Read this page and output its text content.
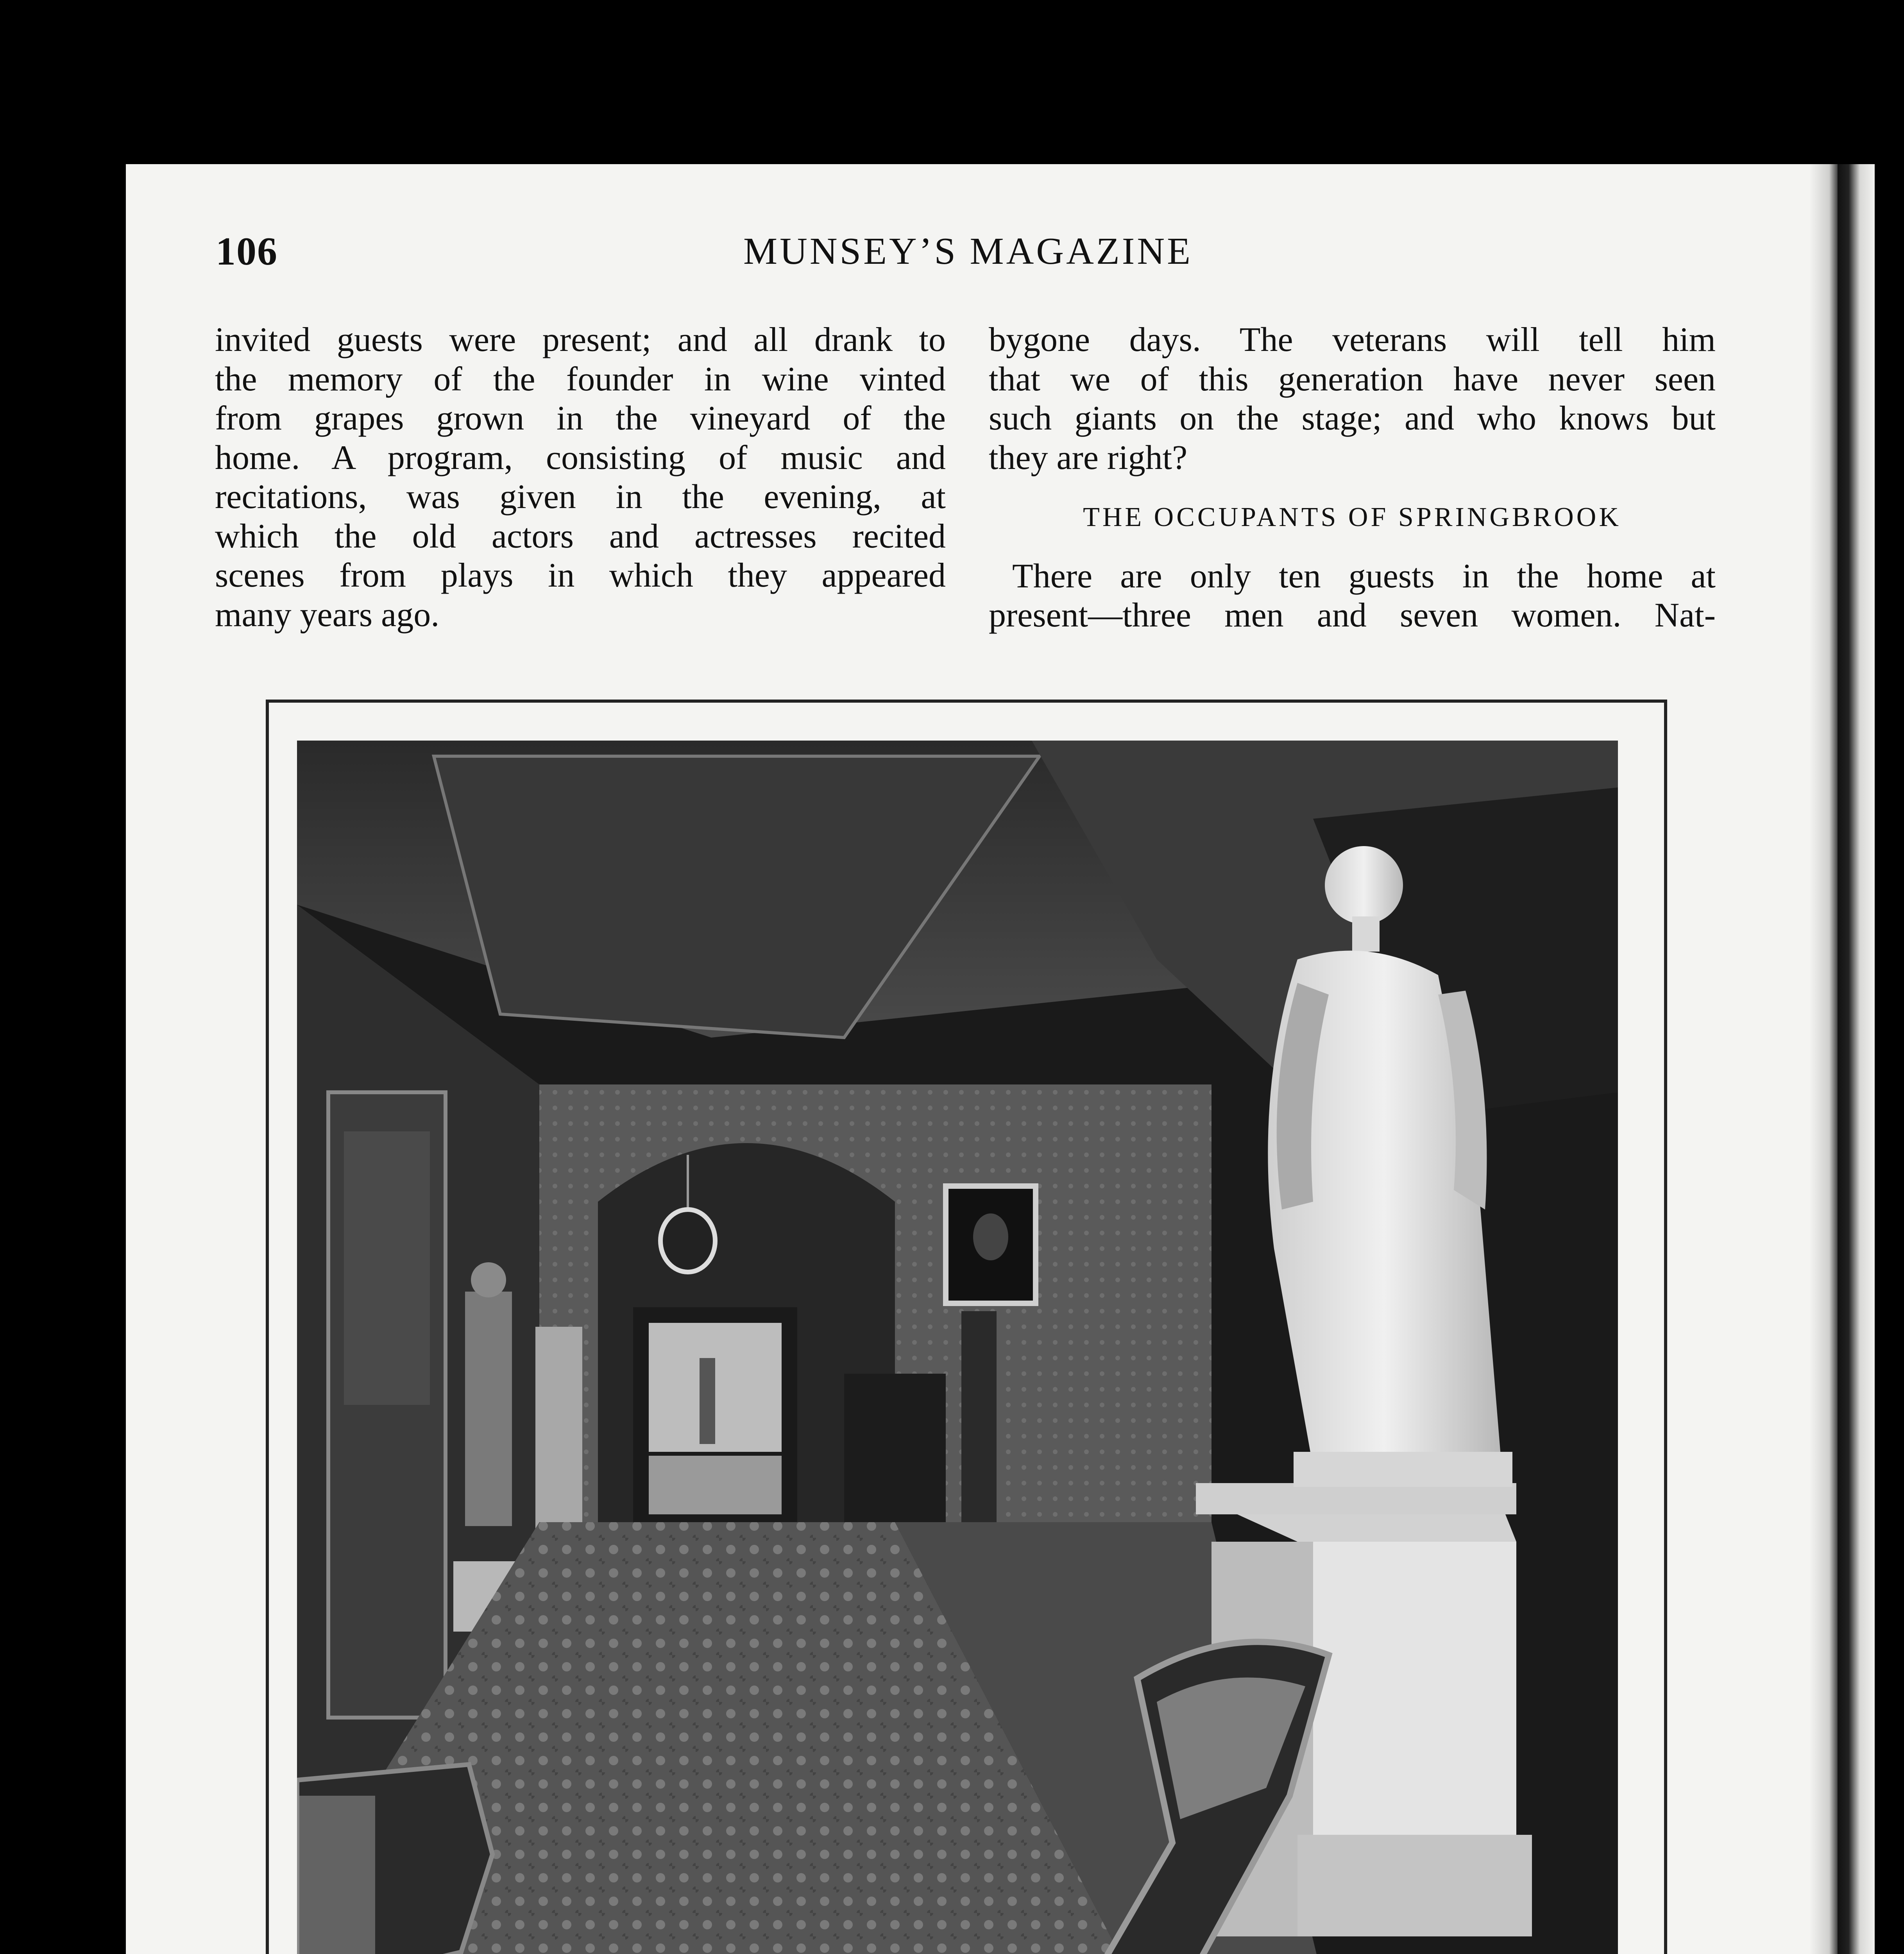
106	MUNSEY’S MAGAZINE
invited guests were present; and all drank to
the memory of the founder in wine vinted
from grapes grown in the vineyard of the
home. A program, consisting of music and
recitations, was given in the evening, at
which the old actors and actresses recited
scenes from plays in which they appeared
many years ago.
bygone days. The veterans will tell him
that we of this generation have never seen
such giants on the stage; and who knows but
they are right?
THE OCCUPANTS OF SPRINGBROOK
There are only ten guests in the home at
present—three men and seven women. Nat-
